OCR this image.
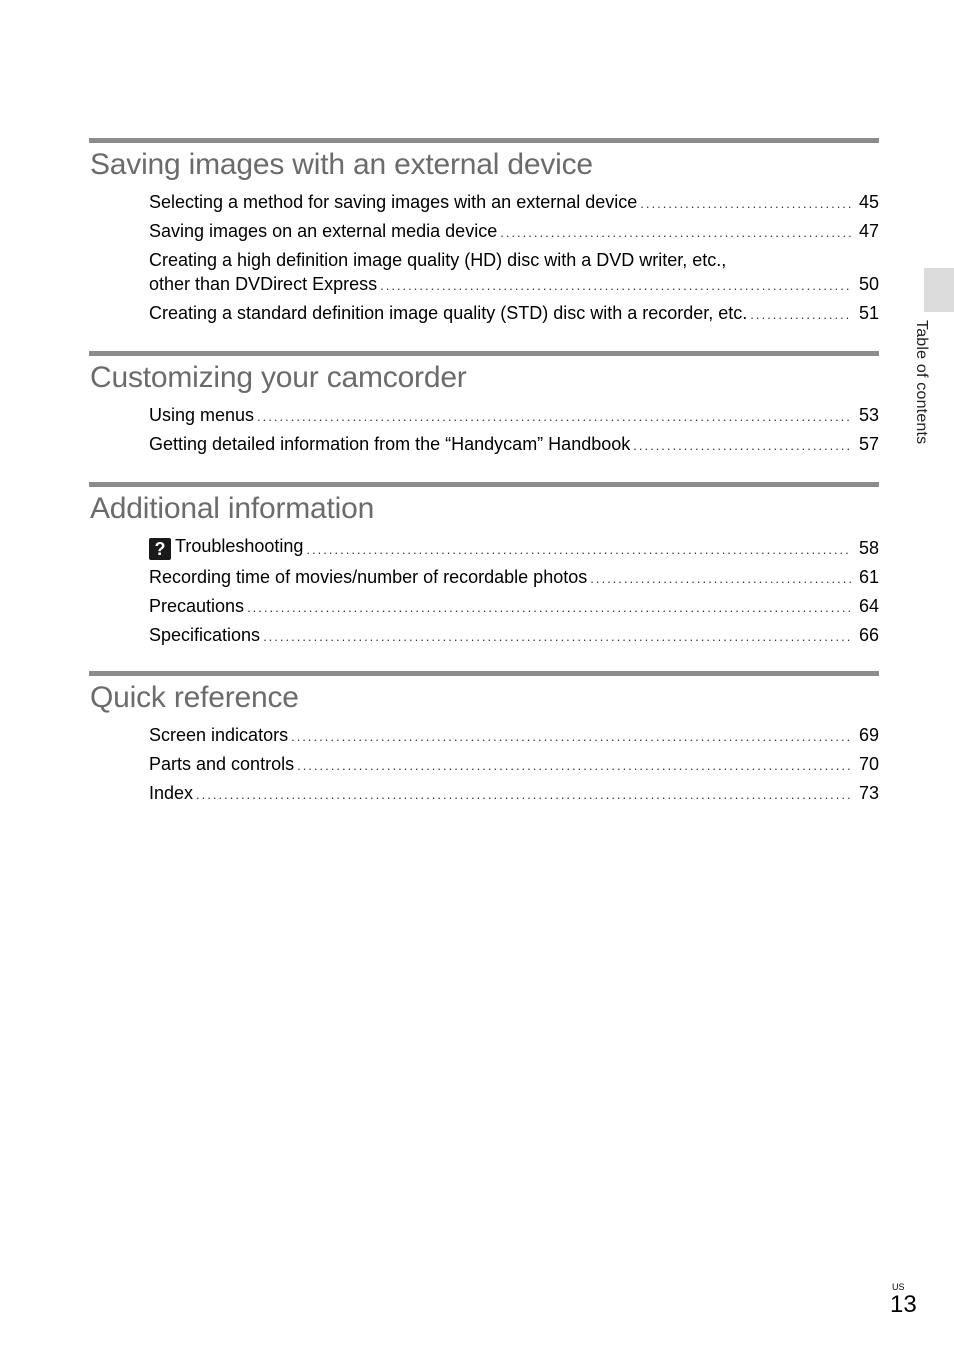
Saving images with an external device
Selecting a method for saving images with an external device .....	45
Saving images on an external media device .....	47
Creating a high definition image quality (HD) disc with a DVD writer, etc.,
other than DVDirect Express .....	50
Creating a standard definition image quality (STD) disc with a recorder, etc. .....	51
Customizing your camcorder
Using menus .....	53
Getting detailed information from the “Handycam” Handbook .....	57
Additional information
? Troubleshooting .....	58
Recording time of movies/number of recordable photos .....	61
Precautions .....	64
Specifications .....	66
Quick reference
Screen indicators .....	69
Parts and controls .....	70
Index .....	73
Table of contents
US
13
